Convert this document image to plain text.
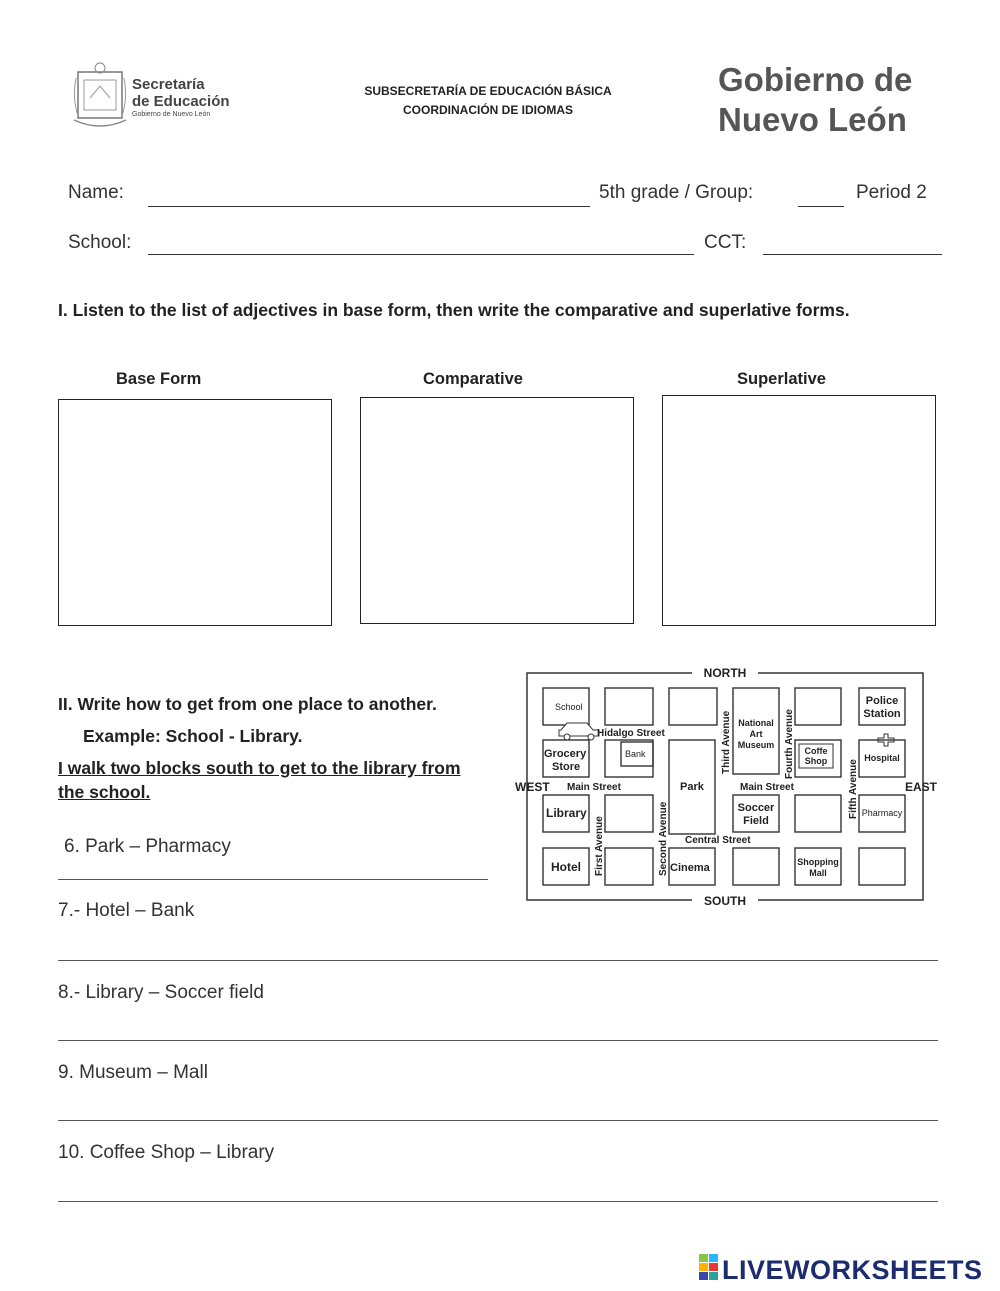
Secretaría
de Educación
Gobierno de Nuevo León
SUBSECRETARÍA DE EDUCACIÓN BÁSICA
COORDINACIÓN DE IDIOMAS
Gobierno de
Nuevo León
Name:	5th grade / Group:	Period 2
School:	CCT:
I. Listen to the list of adjectives in base form, then write the comparative and superlative forms.
Base Form	Comparative	Superlative
II. Write how to get from one place to another.
Example: School - Library.
I walk two blocks south to get to the library from the school.
6. Park – Pharmacy
7.- Hotel – Bank
8.- Library – Soccer field
9. Museum – Mall
10. Coffee Shop – Library
NORTH
SOUTH
WEST	EAST
Hidalgo Street
Main Street	Main Street
Central Street
First Avenue	Second Avenue
Third Avenue	Fourth Avenue
Fifth Avenue
School
Grocery
Store
Bank
Library
Hotel	Cinema
Park
National
Art
Museum
Coffe
Shop
Soccer
Field
Shopping
Mall
Police
Station
Hospital
Pharmacy
LIVEWORKSHEETS
